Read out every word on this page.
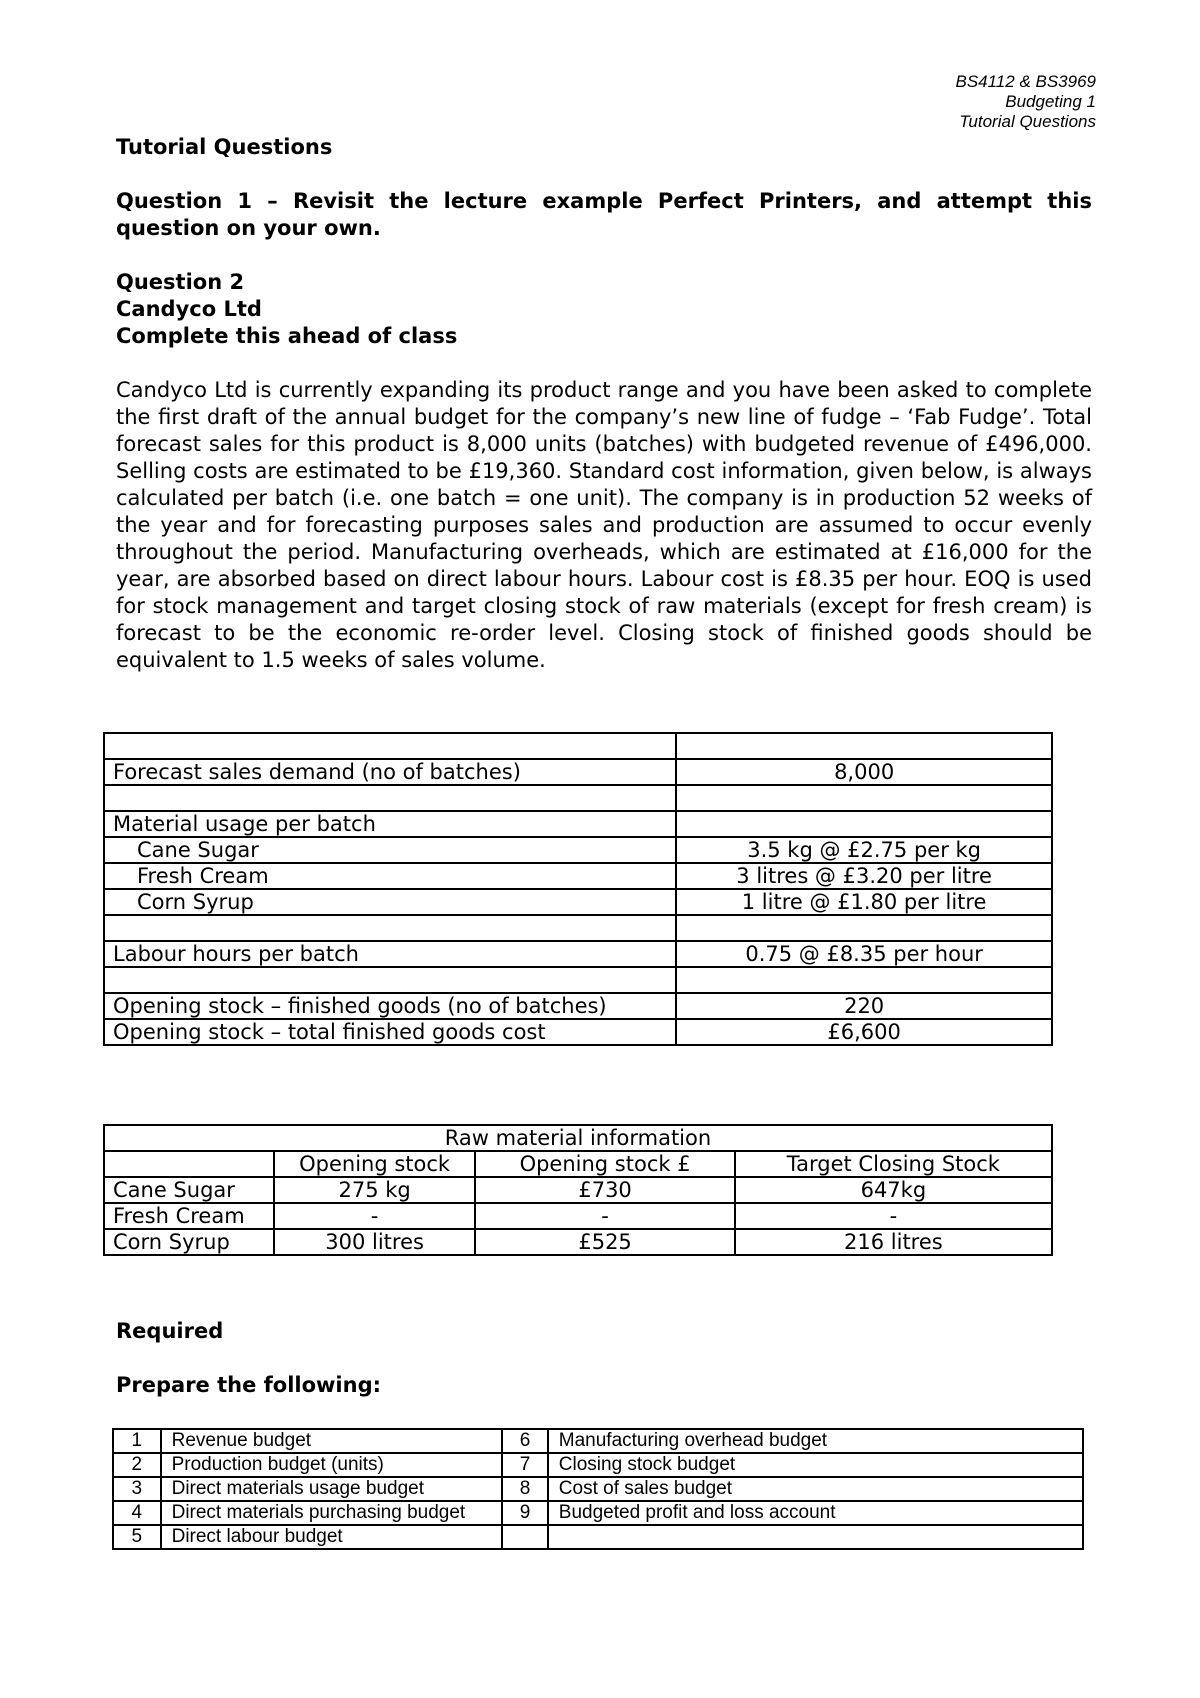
BS4112 & BS3969
Budgeting 1
Tutorial Questions

Tutorial Questions

Question 1 – Revisit the lecture example Perfect Printers, and attempt this question on your own.

Question 2

Candyco Ltd

Complete this ahead of class

Candyco Ltd is currently expanding its product range and you have been asked to complete the first draft of the annual budget for the company’s new line of fudge – ‘Fab Fudge’. Total forecast sales for this product is 8,000 units (batches) with budgeted revenue of £496,000. Selling costs are estimated to be £19,360. Standard cost information, given below, is always calculated per batch (i.e. one batch = one unit). The company is in production 52 weeks of the year and for forecasting purposes sales and production are assumed to occur evenly throughout the period. Manufacturing overheads, which are estimated at £16,000 for the year, are absorbed based on direct labour hours. Labour cost is £8.35 per hour. EOQ is used for stock management and target closing stock of raw materials (except for fresh cream) is forecast to be the economic re-order level. Closing stock of finished goods should be equivalent to 1.5 weeks of sales volume.

Forecast sales demand (no of batches)	8,000

Material usage per batch	
Cane Sugar	3.5 kg @ £2.75 per kg
Fresh Cream	3 litres @ £3.20 per litre
Corn Syrup	1 litre @ £1.80 per litre

Labour hours per batch	0.75 @ £8.35 per hour

Opening stock – finished goods (no of batches)	220
Opening stock – total finished goods cost	£6,600
Raw material information			
	Opening stock	Opening stock £	Target Closing Stock
Cane Sugar	275 kg	£730	647kg
Fresh Cream	-	-	-
Corn Syrup	300 litres	£525	216 litres
Required
Prepare the following:
1	Revenue budget	6	Manufacturing overhead budget
2	Production budget (units)	7	Closing stock budget
3	Direct materials usage budget	8	Cost of sales budget
4	Direct materials purchasing budget	9	Budgeted profit and loss account
5	Direct labour budget		
